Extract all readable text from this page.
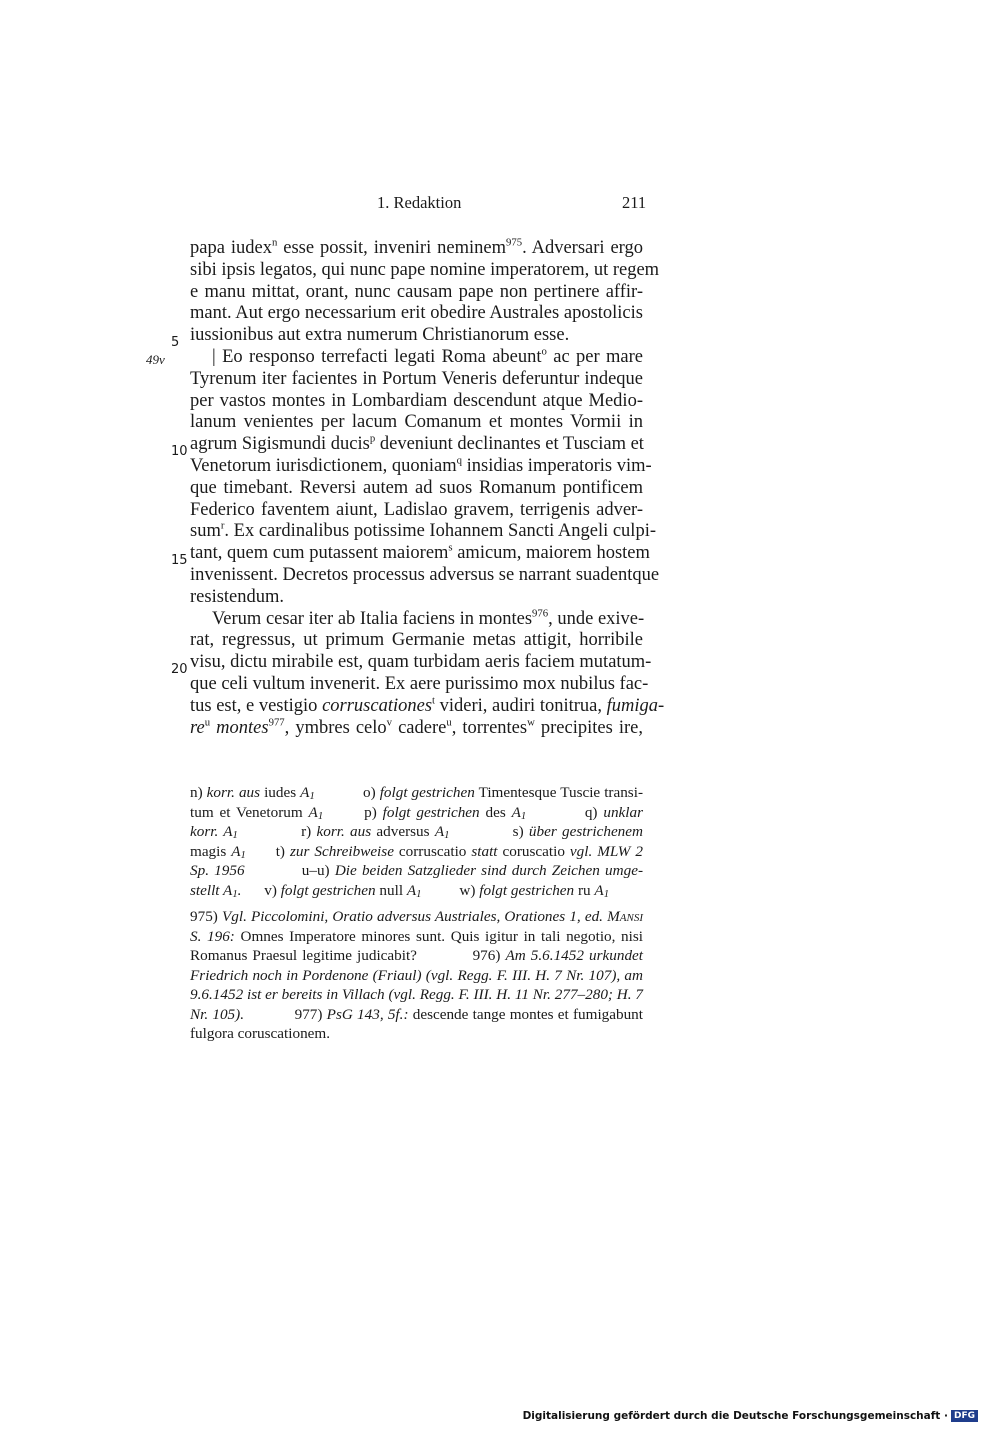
1. Redaktion	211
5
49v
10
15
20
papa iudex$^n$ esse possit, inveniri neminem$^{975}$. Adversari ergo
sibi ipsis legatos, qui nunc pape nomine imperatorem, ut regem
e manu mittat, orant, nunc causam pape non pertinere affir-
mant. Aut ergo necessarium erit obedire Australes apostolicis
iussionibus aut extra numerum Christianorum esse.
| Eo responso terrefacti legati Roma abeunt$^o$ ac per mare
Tyrenum iter facientes in Portum Veneris deferuntur indeque
per vastos montes in Lombardiam descendunt atque Medio-
lanum venientes per lacum Comanum et montes Vormii in
agrum Sigismundi ducis$^p$ deveniunt declinantes et Tusciam et
Venetorum iurisdictionem, quoniam$^q$ insidias imperatoris vim-
que timebant. Reversi autem ad suos Romanum pontificem
Federico faventem aiunt, Ladislao gravem, terrigenis adver-
sum$^r$. Ex cardinalibus potissime Iohannem Sancti Angeli culpi-
tant, quem cum putassent maiorem$^s$ amicum, maiorem hostem
invenissent. Decretos processus adversus se narrant suadentque
resistendum.
Verum cesar iter ab Italia faciens in montes$^{976}$, unde exive-
rat, regressus, ut primum Germanie metas attigit, horribile
visu, dictu mirabile est, quam turbidam aeris faciem mutatum-
que celi vultum invenerit. Ex aere purissimo mox nubilus fac-
tus est, e vestigio corruscationes$^t$ videri, audiri tonitrua, fumiga-
$re^u$ montes$^{977}$, ymbres celo$^v$ cadere$^u$, torrentes$^w$ precipites ire,
n) korr. aus iudes $A_1$            o) folgt gestrichen Timentesque Tuscie transi-
tum et Venetorum $A_1$       p) folgt gestrichen des $A_1$          q) unklar
korr. $A_1$            r) korr. aus adversus $A_1$            s) über gestrichenem
magis $A_1$      t) zur Schreibweise corruscatio statt coruscatio vgl. MLW 2
Sp. 1956           u–u) Die beiden Satzglieder sind durch Zeichen umge-
stellt $A_1$.      v) folgt gestrichen null $A_1$          w) folgt gestrichen ru $A_1$
975) Vgl. Piccolomini, Oratio adversus Austriales, Orationes 1, ed. Mansi
S. 196: Omnes Imperatore minores sunt. Quis igitur in tali negotio, nisi
Romanus Praesul legitime judicabit?           976) Am 5.6.1452 urkundet
Friedrich noch in Pordenone (Friaul) (vgl. Regg. F. III. H. 7 Nr. 107), am
9.6.1452 ist er bereits in Villach (vgl. Regg. F. III. H. 11 Nr. 277–280; H. 7
Nr. 105).            977) PsG 143, 5f.: descende tange montes et fumigabunt
fulgora coruscationem.
Digitalisierung gefördert durch die Deutsche Forschungsgemeinschaft · DFG
